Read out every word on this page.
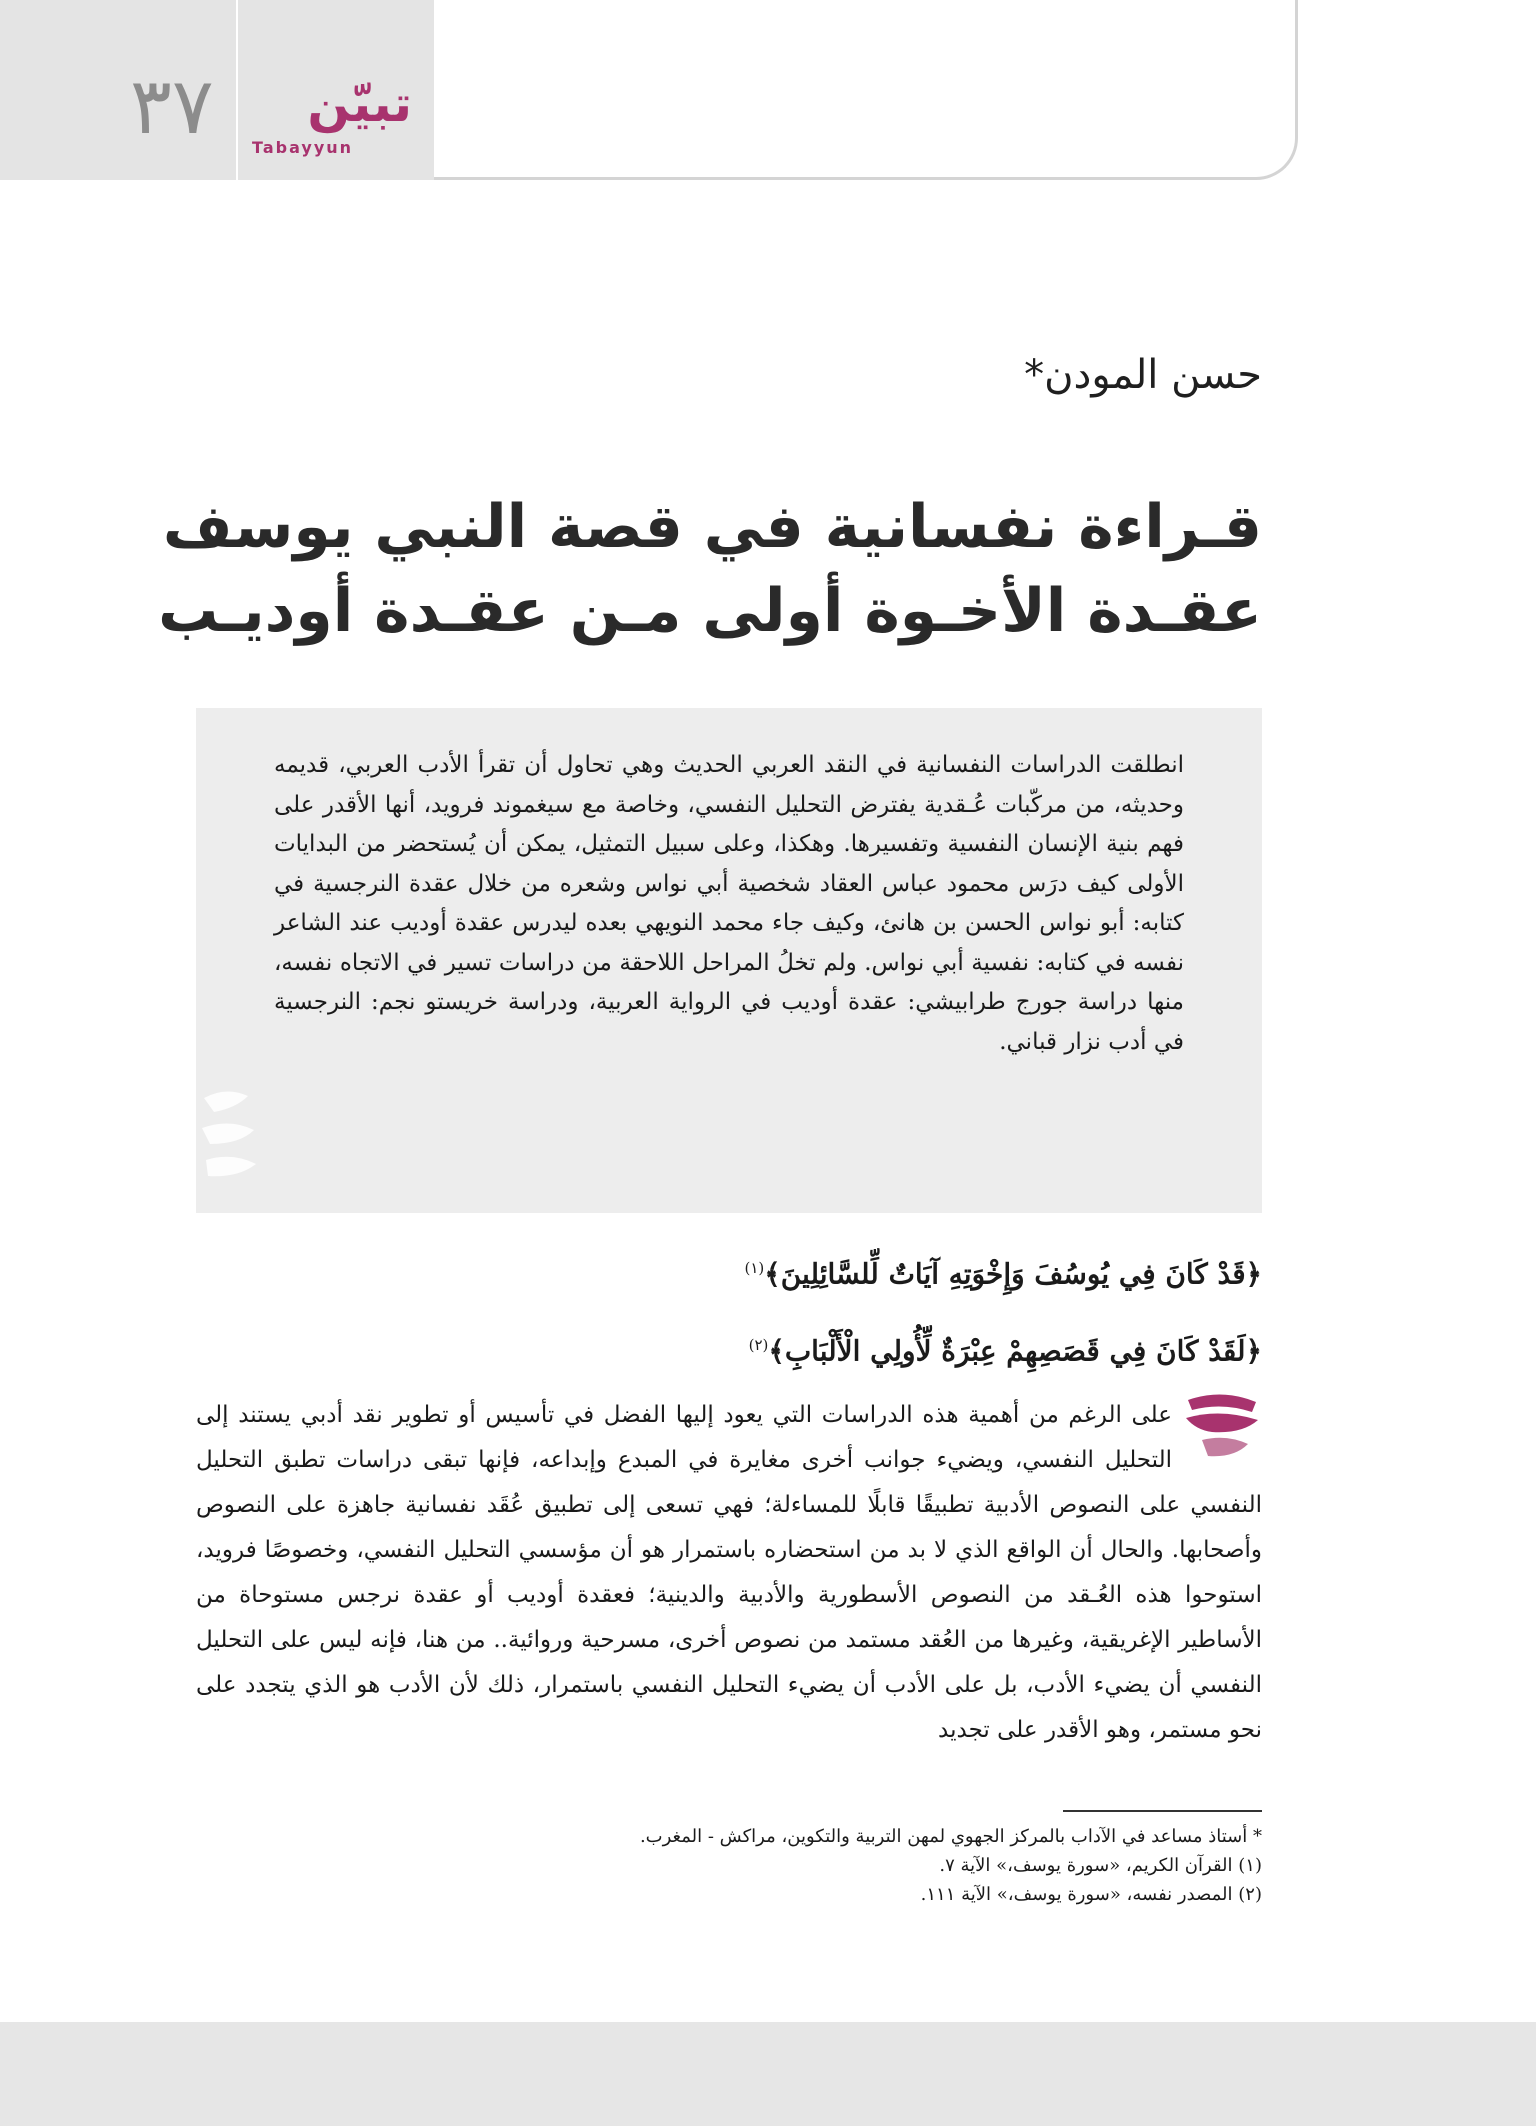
٣٧	تبيّن
Tabayyun
حسن المودن*
قـراءة نفسانية في قصة النبي يوسف
عقـدة الأخـوة أولى مـن عقـدة أوديـب
انطلقت الدراسات النفسانية في النقد العربي الحديث وهي تحاول أن تقرأ الأدب العربي، قديمه وحديثه، من مركّبات عُـقدية يفترض التحليل النفسي، وخاصة مع سيغموند فرويد، أنها الأقدر على فهم بنية الإنسان النفسية وتفسيرها. وهكذا، وعلى سبيل التمثيل، يمكن أن يُستحضر من البدايات الأولى كيف درَس محمود عباس العقاد شخصية أبي نواس وشعره من خلال عقدة النرجسية في كتابه: أبو نواس الحسن بن هانئ، وكيف جاء محمد النويهي بعده ليدرس عقدة أوديب عند الشاعر نفسه في كتابه: نفسية أبي نواس. ولم تخلُ المراحل اللاحقة من دراسات تسير في الاتجاه نفسه، منها دراسة جورج طرابيشي: عقدة أوديب في الرواية العربية، ودراسة خريستو نجم: النرجسية في أدب نزار قباني.
﴿قَدْ كَانَ فِي يُوسُفَ وَإِخْوَتِهِ آيَاتٌ لِّلسَّائِلِينَ﴾$^{(١)}$
﴿لَقَدْ كَانَ فِي قَصَصِهِمْ عِبْرَةٌ لِّأُولِي الْأَلْبَابِ﴾$^{(٢)}$
على الرغم من أهمية هذه الدراسات التي يعود إليها الفضل في تأسيس أو تطوير نقد أدبي يستند إلى التحليل النفسي، ويضيء جوانب أخرى مغايرة في المبدع وإبداعه، فإنها تبقى دراسات تطبق التحليل النفسي على النصوص الأدبية تطبيقًا قابلًا للمساءلة؛ فهي تسعى إلى تطبيق عُقَد نفسانية جاهزة على النصوص وأصحابها. والحال أن الواقع الذي لا بد من استحضاره باستمرار هو أن مؤسسي التحليل النفسي، وخصوصًا فرويد، استوحوا هذه العُـقد من النصوص الأسطورية والأدبية والدينية؛ فعقدة أوديب أو عقدة نرجس مستوحاة من الأساطير الإغريقية، وغيرها من العُقد مستمد من نصوص أخرى، مسرحية وروائية.. من هنا، فإنه ليس على التحليل النفسي أن يضيء الأدب، بل على الأدب أن يضيء التحليل النفسي باستمرار، ذلك لأن الأدب هو الذي يتجدد على نحو مستمر، وهو الأقدر على تجديد
* أستاذ مساعد في الآداب بالمركز الجهوي لمهن التربية والتكوين، مراكش - المغرب.
(١) القرآن الكريم، «سورة يوسف،» الآية ٧.
(٢) المصدر نفسه، «سورة يوسف،» الآية ١١١.
